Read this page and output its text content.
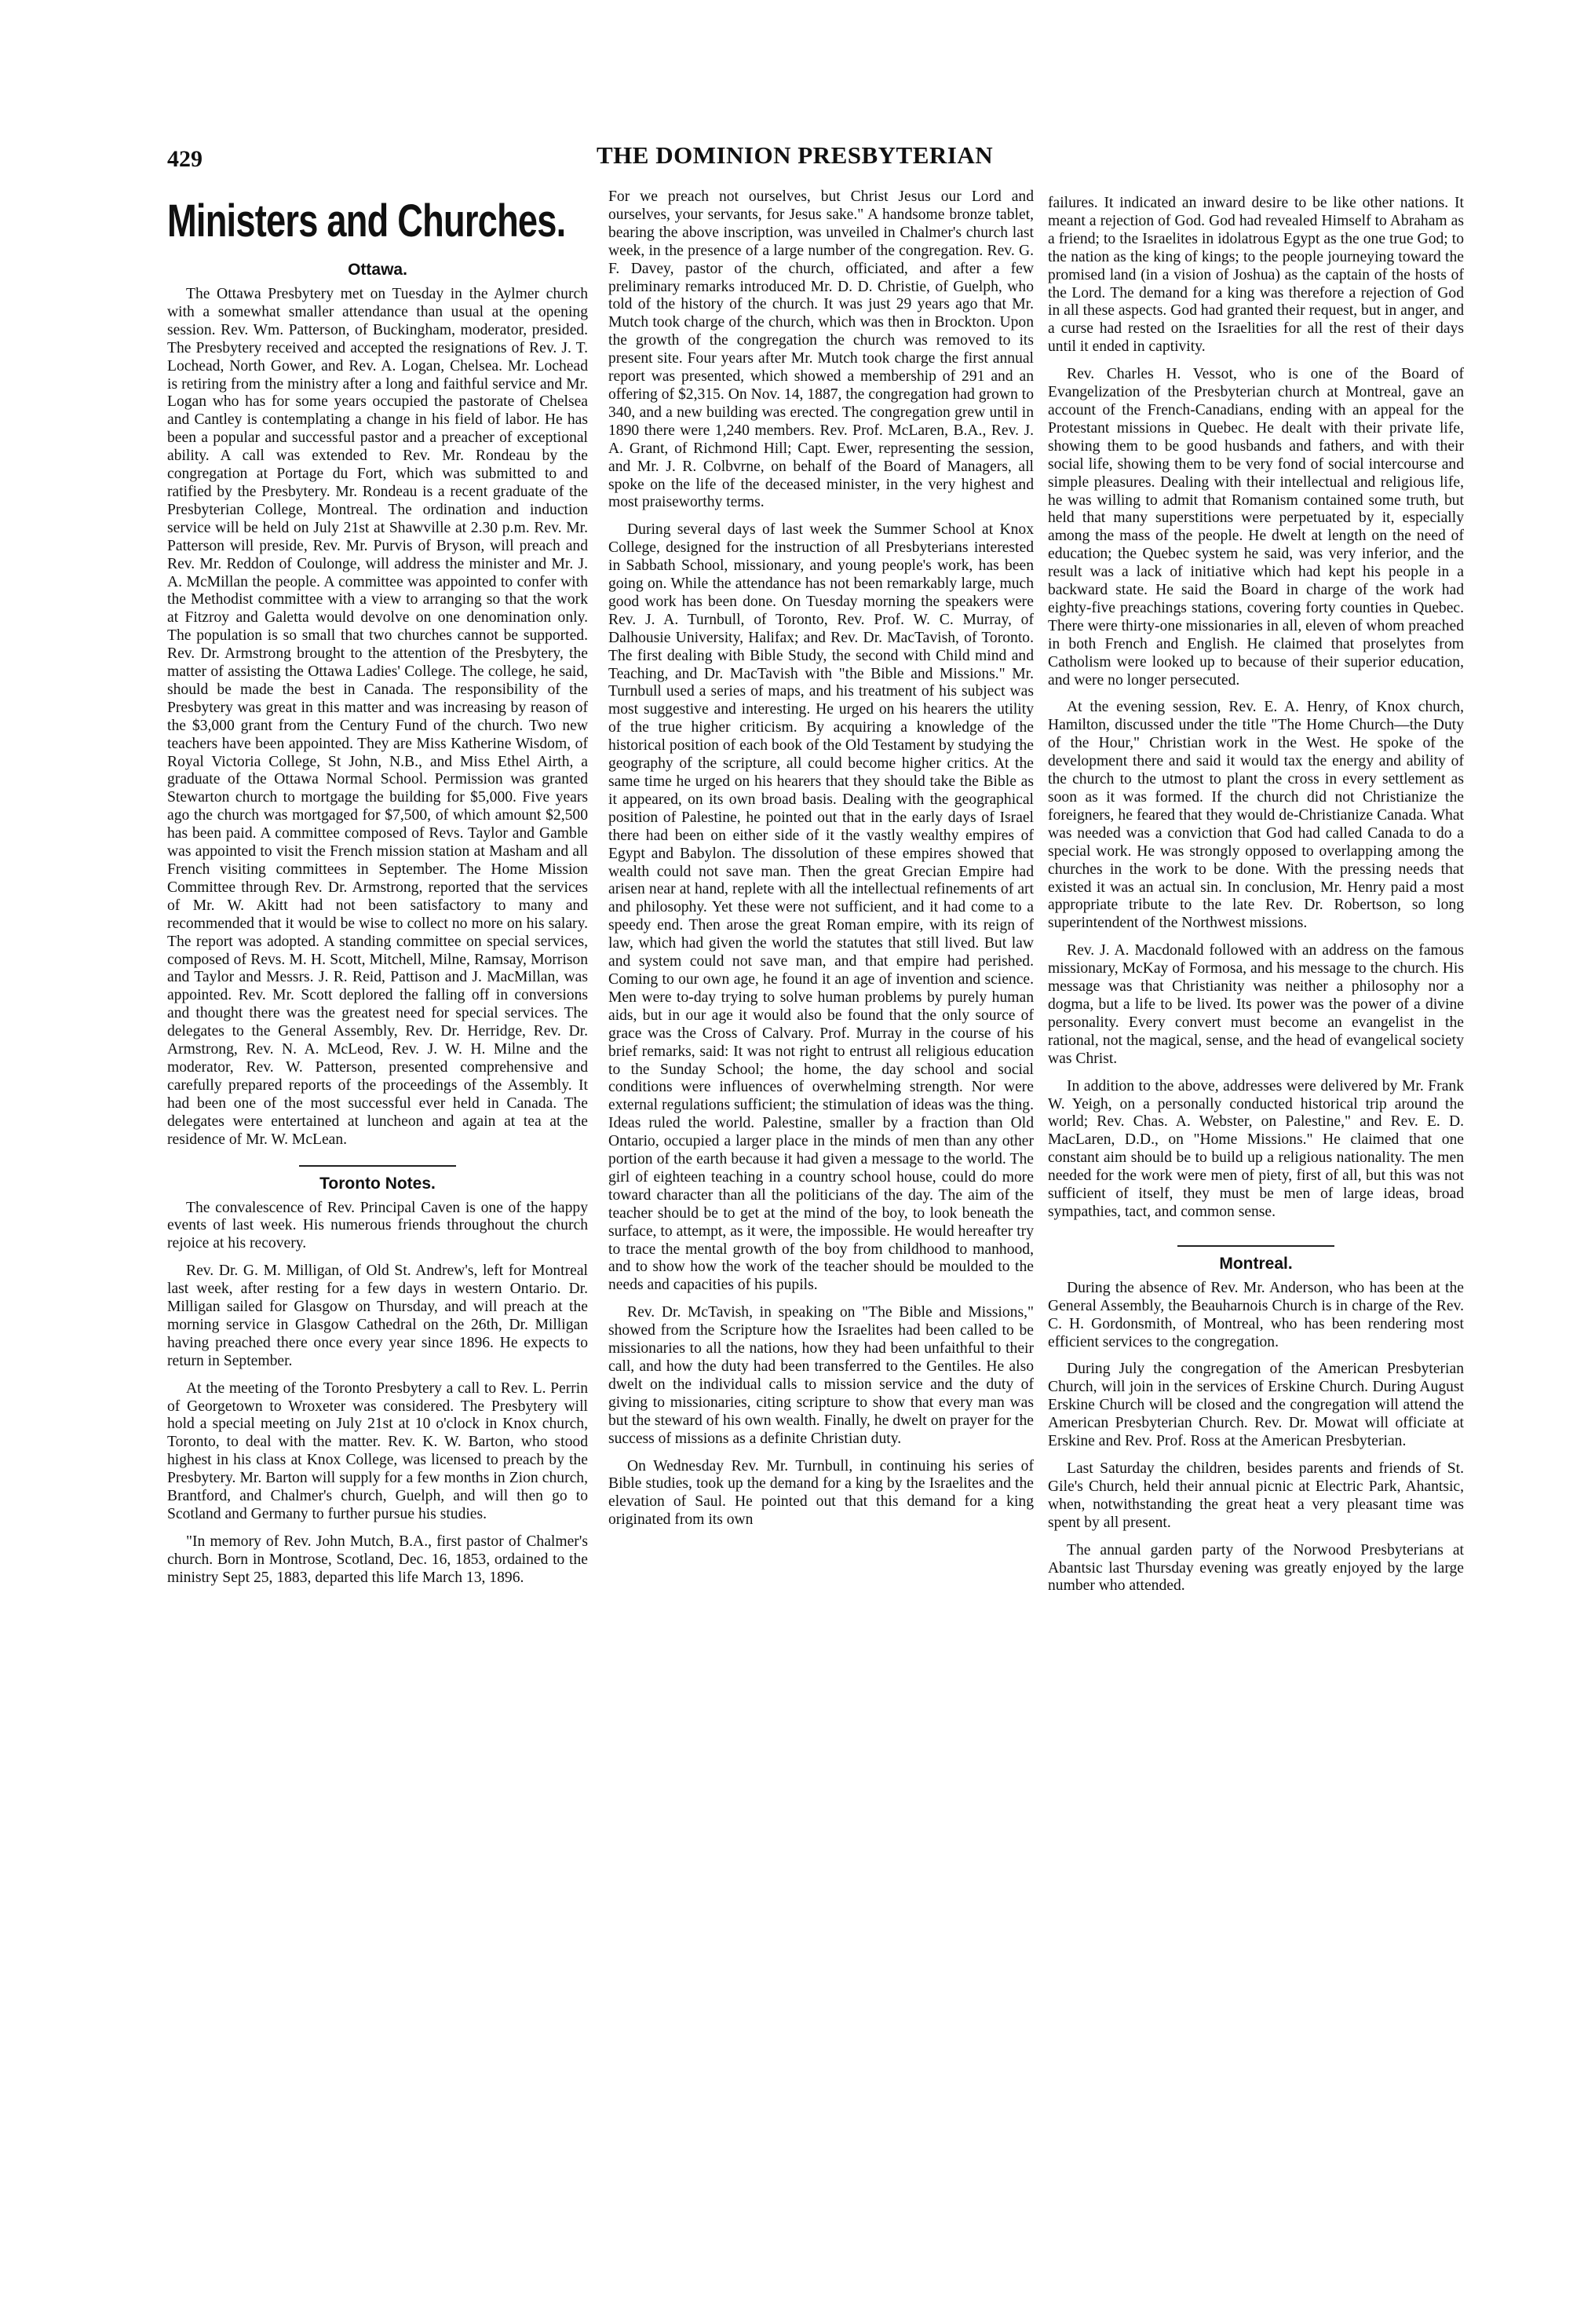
429	THE DOMINION PRESBYTERIAN
Ministers and Churches.
Ottawa.

The Ottawa Presbytery met on Tuesday in the Aylmer church with a somewhat smaller attendance than usual at the opening session. Rev. Wm. Patterson, of Buckingham, moderator, presided. The Presbytery received and accepted the resignations of Rev. J. T. Lochead, North Gower, and Rev. A. Logan, Chelsea. Mr. Lochead is retiring from the ministry after a long and faithful service and Mr. Logan who has for some years occupied the pastorate of Chelsea and Cantley is contemplating a change in his field of labor. He has been a popular and successful pastor and a preacher of exceptional ability. A call was extended to Rev. Mr. Rondeau by the congregation at Portage du Fort, which was submitted to and ratified by the Presbytery. Mr. Rondeau is a recent graduate of the Presbyterian College, Montreal. The ordination and induction service will be held on July 21st at Shawville at 2.30 p.m. Rev. Mr. Patterson will preside, Rev. Mr. Purvis of Bryson, will preach and Rev. Mr. Reddon of Coulonge, will address the minister and Mr. J. A. McMillan the people. A committee was appointed to confer with the Methodist committee with a view to arranging so that the work at Fitzroy and Galetta would devolve on one denomination only. The population is so small that two churches cannot be supported. Rev. Dr. Armstrong brought to the attention of the Presbytery, the matter of assisting the Ottawa Ladies' College. The college, he said, should be made the best in Canada. The responsibility of the Presbytery was great in this matter and was increasing by reason of the $3,000 grant from the Century Fund of the church. Two new teachers have been appointed. They are Miss Katherine Wisdom, of Royal Victoria College, St John, N.B., and Miss Ethel Airth, a graduate of the Ottawa Normal School. Permission was granted Stewarton church to mortgage the building for $5,000. Five years ago the church was mortgaged for $7,500, of which amount $2,500 has been paid. A committee composed of Revs. Taylor and Gamble was appointed to visit the French mission station at Masham and all French visiting committees in September. The Home Mission Committee through Rev. Dr. Armstrong, reported that the services of Mr. W. Akitt had not been satisfactory to many and recommended that it would be wise to collect no more on his salary. The report was adopted. A standing committee on special services, composed of Revs. M. H. Scott, Mitchell, Milne, Ramsay, Morrison and Taylor and Messrs. J. R. Reid, Pattison and J. MacMillan, was appointed. Rev. Mr. Scott deplored the falling off in conversions and thought there was the greatest need for special services. The delegates to the General Assembly, Rev. Dr. Herridge, Rev. Dr. Armstrong, Rev. N. A. McLeod, Rev. J. W. H. Milne and the moderator, Rev. W. Patterson, presented comprehensive and carefully prepared reports of the proceedings of the Assembly. It had been one of the most successful ever held in Canada. The delegates were entertained at luncheon and again at tea at the residence of Mr. W. McLean.

Toronto Notes.

The convalescence of Rev. Principal Caven is one of the happy events of last week. His numerous friends throughout the church rejoice at his recovery.

Rev. Dr. G. M. Milligan, of Old St. Andrew's, left for Montreal last week, after resting for a few days in western Ontario. Dr. Milligan sailed for Glasgow on Thursday, and will preach at the morning service in Glasgow Cathedral on the 26th, Dr. Milligan having preached there once every year since 1896. He expects to return in September.

At the meeting of the Toronto Presbytery a call to Rev. L. Perrin of Georgetown to Wroxeter was considered. The Presbytery will hold a special meeting on July 21st at 10 o'clock in Knox church, Toronto, to deal with the matter. Rev. K. W. Barton, who stood highest in his class at Knox College, was licensed to preach by the Presbytery. Mr. Barton will supply for a few months in Zion church, Brantford, and Chalmer's church, Guelph, and will then go to Scotland and Germany to further pursue his studies.

"In memory of Rev. John Mutch, B.A., first pastor of Chalmer's church. Born in Montrose, Scotland, Dec. 16, 1853, ordained to the ministry Sept 25, 1883, departed this life March 13, 1896.

For we preach not ourselves, but Christ Jesus our Lord and ourselves, your servants, for Jesus sake." A handsome bronze tablet, bearing the above inscription, was unveiled in Chalmer's church last week, in the presence of a large number of the congregation. Rev. G. F. Davey, pastor of the church, officiated, and after a few preliminary remarks introduced Mr. D. D. Christie, of Guelph, who told of the history of the church. It was just 29 years ago that Mr. Mutch took charge of the church, which was then in Brockton. Upon the growth of the congregation the church was removed to its present site. Four years after Mr. Mutch took charge the first annual report was presented, which showed a membership of 291 and an offering of $2,315. On Nov. 14, 1887, the congregation had grown to 340, and a new building was erected. The congregation grew until in 1890 there were 1,240 members. Rev. Prof. McLaren, B.A., Rev. J. A. Grant, of Richmond Hill; Capt. Ewer, representing the session, and Mr. J. R. Colbvrne, on behalf of the Board of Managers, all spoke on the life of the deceased minister, in the very highest and most praiseworthy terms.

During several days of last week the Summer School at Knox College, designed for the instruction of all Presbyterians interested in Sabbath School, missionary, and young people's work, has been going on. While the attendance has not been remarkably large, much good work has been done. On Tuesday morning the speakers were Rev. J. A. Turnbull, of Toronto, Rev. Prof. W. C. Murray, of Dalhousie University, Halifax; and Rev. Dr. MacTavish, of Toronto. The first dealing with Bible Study, the second with Child mind and Teaching, and Dr. MacTavish with "the Bible and Missions." Mr. Turnbull used a series of maps, and his treatment of his subject was most suggestive and interesting. He urged on his hearers the utility of the true higher criticism. By acquiring a knowledge of the historical position of each book of the Old Testament by studying the geography of the scripture, all could become higher critics. At the same time he urged on his hearers that they should take the Bible as it appeared, on its own broad basis. Dealing with the geographical position of Palestine, he pointed out that in the early days of Israel there had been on either side of it the vastly wealthy empires of Egypt and Babylon. The dissolution of these empires showed that wealth could not save man. Then the great Grecian Empire had arisen near at hand, replete with all the intellectual refinements of art and philosophy. Yet these were not sufficient, and it had come to a speedy end. Then arose the great Roman empire, with its reign of law, which had given the world the statutes that still lived. But law and system could not save man, and that empire had perished. Coming to our own age, he found it an age of invention and science. Men were to-day trying to solve human problems by purely human aids, but in our age it would also be found that the only source of grace was the Cross of Calvary. Prof. Murray in the course of his brief remarks, said: It was not right to entrust all religious education to the Sunday School; the home, the day school and social conditions were influences of overwhelming strength. Nor were external regulations sufficient; the stimulation of ideas was the thing. Ideas ruled the world. Palestine, smaller by a fraction than Old Ontario, occupied a larger place in the minds of men than any other portion of the earth because it had given a message to the world. The girl of eighteen teaching in a country school house, could do more toward character than all the politicians of the day. The aim of the teacher should be to get at the mind of the boy, to look beneath the surface, to attempt, as it were, the impossible. He would hereafter try to trace the mental growth of the boy from childhood to manhood, and to show how the work of the teacher should be moulded to the needs and capacities of his pupils.

Rev. Dr. McTavish, in speaking on "The Bible and Missions," showed from the Scripture how the Israelites had been called to be missionaries to all the nations, how they had been unfaithful to their call, and how the duty had been transferred to the Gentiles. He also dwelt on the individual calls to mission service and the duty of giving to missionaries, citing scripture to show that every man was but the steward of his own wealth. Finally, he dwelt on prayer for the success of missions as a definite Christian duty.

On Wednesday Rev. Mr. Turnbull, in continuing his series of Bible studies, took up the demand for a king by the Israelites and the elevation of Saul. He pointed out that this demand for a king originated from its own

failures. It indicated an inward desire to be like other nations. It meant a rejection of God. God had revealed Himself to Abraham as a friend; to the Israelites in idolatrous Egypt as the one true God; to the nation as the king of kings; to the people journeying toward the promised land (in a vision of Joshua) as the captain of the hosts of the Lord. The demand for a king was therefore a rejection of God in all these aspects. God had granted their request, but in anger, and a curse had rested on the Israelities for all the rest of their days until it ended in captivity.

Rev. Charles H. Vessot, who is one of the Board of Evangelization of the Presbyterian church at Montreal, gave an account of the French-Canadians, ending with an appeal for the Protestant missions in Quebec. He dealt with their private life, showing them to be good husbands and fathers, and with their social life, showing them to be very fond of social intercourse and simple pleasures. Dealing with their intellectual and religious life, he was willing to admit that Romanism contained some truth, but held that many superstitions were perpetuated by it, especially among the mass of the people. He dwelt at length on the need of education; the Quebec system he said, was very inferior, and the result was a lack of initiative which had kept his people in a backward state. He said the Board in charge of the work had eighty-five preachings stations, covering forty counties in Quebec. There were thirty-one missionaries in all, eleven of whom preached in both French and English. He claimed that proselytes from Catholism were looked up to because of their superior education, and were no longer persecuted.

At the evening session, Rev. E. A. Henry, of Knox church, Hamilton, discussed under the title "The Home Church—the Duty of the Hour," Christian work in the West. He spoke of the development there and said it would tax the energy and ability of the church to the utmost to plant the cross in every settlement as soon as it was formed. If the church did not Christianize the foreigners, he feared that they would de-Christianize Canada. What was needed was a conviction that God had called Canada to do a special work. He was strongly opposed to overlapping among the churches in the work to be done. With the pressing needs that existed it was an actual sin. In conclusion, Mr. Henry paid a most appropriate tribute to the late Rev. Dr. Robertson, so long superintendent of the Northwest missions.

Rev. J. A. Macdonald followed with an address on the famous missionary, McKay of Formosa, and his message to the church. His message was that Christianity was neither a philosophy nor a dogma, but a life to be lived. Its power was the power of a divine personality. Every convert must become an evangelist in the rational, not the magical, sense, and the head of evangelical society was Christ.

In addition to the above, addresses were delivered by Mr. Frank W. Yeigh, on a personally conducted historical trip around the world; Rev. Chas. A. Webster, on Palestine," and Rev. E. D. MacLaren, D.D., on "Home Missions." He claimed that one constant aim should be to build up a religious nationality. The men needed for the work were men of piety, first of all, but this was not sufficient of itself, they must be men of large ideas, broad sympathies, tact, and common sense.

Montreal.

During the absence of Rev. Mr. Anderson, who has been at the General Assembly, the Beauharnois Church is in charge of the Rev. C. H. Gordonsmith, of Montreal, who has been rendering most efficient services to the congregation.

During July the congregation of the American Presbyterian Church, will join in the services of Erskine Church. During August Erskine Church will be closed and the congregation will attend the American Presbyterian Church. Rev. Dr. Mowat will officiate at Erskine and Rev. Prof. Ross at the American Presbyterian.

Last Saturday the children, besides parents and friends of St. Gile's Church, held their annual picnic at Electric Park, Ahantsic, when, notwithstanding the great heat a very pleasant time was spent by all present.

The annual garden party of the Norwood Presbyterians at Abantsic last Thursday evening was greatly enjoyed by the large number who attended.
